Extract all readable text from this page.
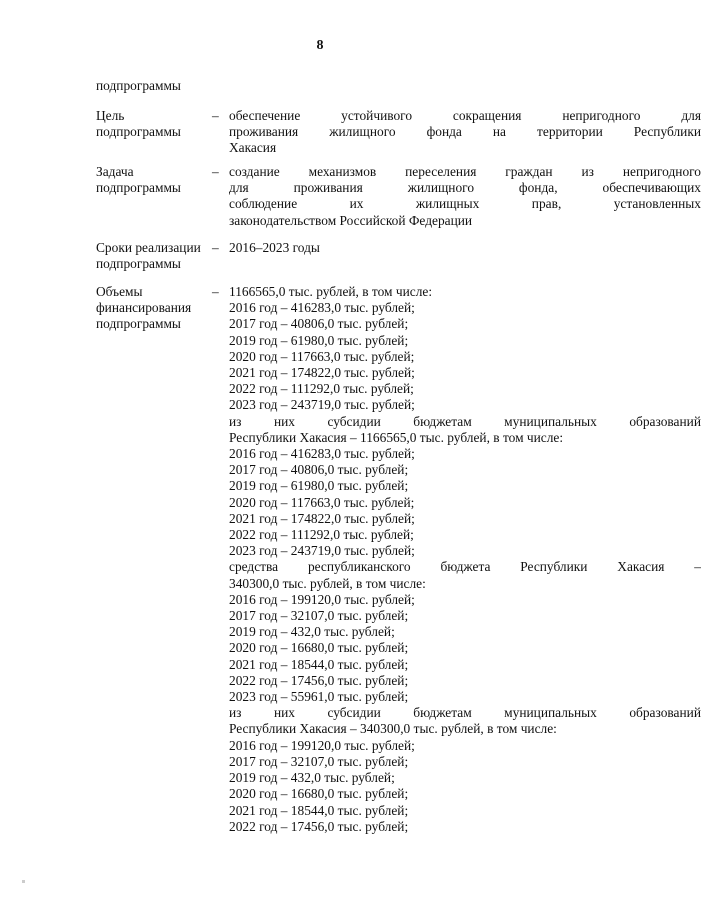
8
подпрограммы
Цель
подпрограммы
– обеспечение устойчивого сокращения непригодного для
проживания жилищного фонда на территории Республики
Хакасия
Задача
подпрограммы
– создание механизмов переселения граждан из непригодного
для проживания жилищного фонда, обеспечивающих
соблюдение их жилищных прав, установленных
законодательством Российской Федерации
Сроки реализации
подпрограммы
– 2016–2023 годы
Объемы
финансирования
подпрограммы
– 1166565,0 тыс. рублей, в том числе:
2016 год – 416283,0 тыс. рублей;
2017 год – 40806,0 тыс. рублей;
2019 год – 61980,0 тыс. рублей;
2020 год – 117663,0 тыс. рублей;
2021 год – 174822,0 тыс. рублей;
2022 год – 111292,0 тыс. рублей;
2023 год – 243719,0 тыс. рублей;
из них субсидии бюджетам муниципальных образований
Республики Хакасия – 1166565,0 тыс. рублей, в том числе:
2016 год – 416283,0 тыс. рублей;
2017 год – 40806,0 тыс. рублей;
2019 год – 61980,0 тыс. рублей;
2020 год – 117663,0 тыс. рублей;
2021 год – 174822,0 тыс. рублей;
2022 год – 111292,0 тыс. рублей;
2023 год – 243719,0 тыс. рублей;
средства республиканского бюджета Республики Хакасия –
340300,0 тыс. рублей, в том числе:
2016 год – 199120,0 тыс. рублей;
2017 год – 32107,0 тыс. рублей;
2019 год – 432,0 тыс. рублей;
2020 год – 16680,0 тыс. рублей;
2021 год – 18544,0 тыс. рублей;
2022 год – 17456,0 тыс. рублей;
2023 год – 55961,0 тыс. рублей;
из них субсидии бюджетам муниципальных образований
Республики Хакасия – 340300,0 тыс. рублей, в том числе:
2016 год – 199120,0 тыс. рублей;
2017 год – 32107,0 тыс. рублей;
2019 год – 432,0 тыс. рублей;
2020 год – 16680,0 тыс. рублей;
2021 год – 18544,0 тыс. рублей;
2022 год – 17456,0 тыс. рублей;
